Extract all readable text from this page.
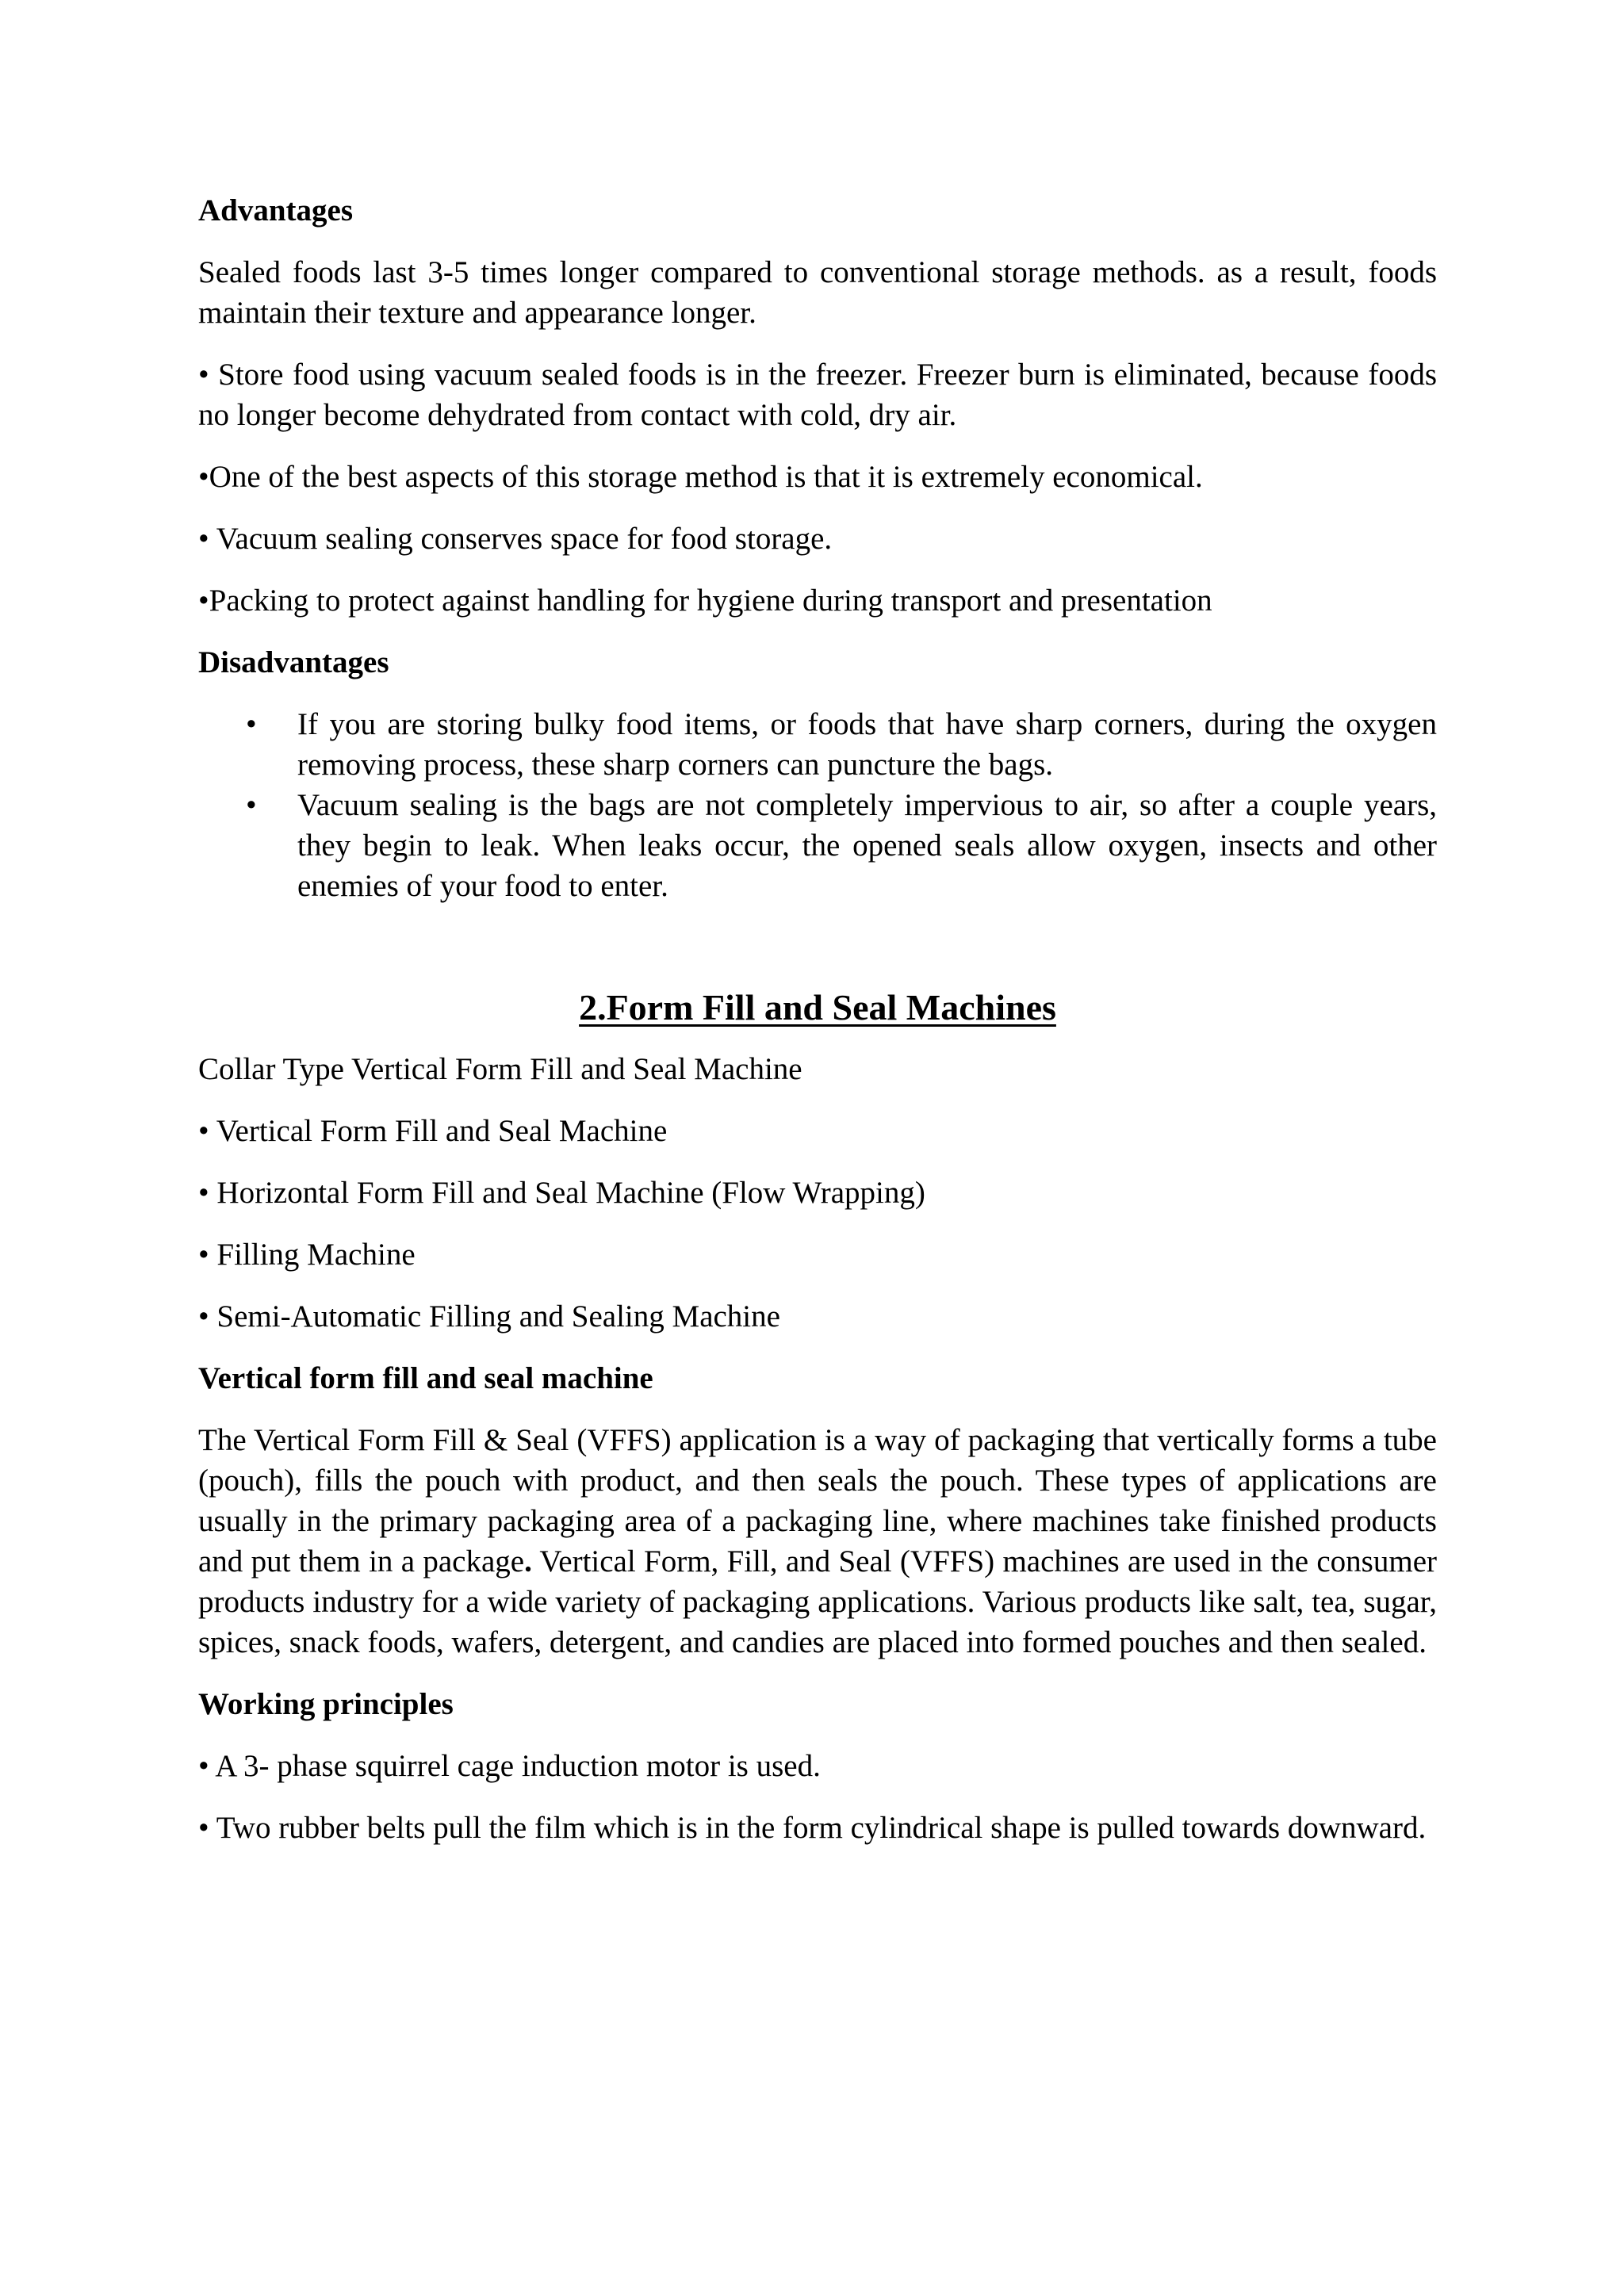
Advantages
Sealed foods last 3-5 times longer compared to conventional storage methods. as a result, foods maintain their texture and appearance longer.
• Store food using vacuum sealed foods is in the freezer. Freezer burn is eliminated, because foods no longer become dehydrated from contact with cold, dry air.
•One of the best aspects of this storage method is that it is extremely economical.
• Vacuum sealing conserves space for food storage.
•Packing to protect against handling for hygiene during transport and presentation
Disadvantages
• If you are storing bulky food items, or foods that have sharp corners, during the oxygen removing process, these sharp corners can puncture the bags.
• Vacuum sealing is the bags are not completely impervious to air, so after a couple years, they begin to leak. When leaks occur, the opened seals allow oxygen, insects and other enemies of your food to enter.
2.Form Fill and Seal Machines
Collar Type Vertical Form Fill and Seal Machine
• Vertical Form Fill and Seal Machine
• Horizontal Form Fill and Seal Machine (Flow Wrapping)
• Filling Machine
• Semi-Automatic Filling and Sealing Machine
Vertical form fill and seal machine
The Vertical Form Fill & Seal (VFFS) application is a way of packaging that vertically forms a tube (pouch), fills the pouch with product, and then seals the pouch. These types of applications are usually in the primary packaging area of a packaging line, where machines take finished products and put them in a package. Vertical Form, Fill, and Seal (VFFS) machines are used in the consumer products industry for a wide variety of packaging applications. Various products like salt, tea, sugar, spices, snack foods, wafers, detergent, and candies are placed into formed pouches and then sealed.
Working principles
• A 3- phase squirrel cage induction motor is used.
• Two rubber belts pull the film which is in the form cylindrical shape is pulled towards downward.
